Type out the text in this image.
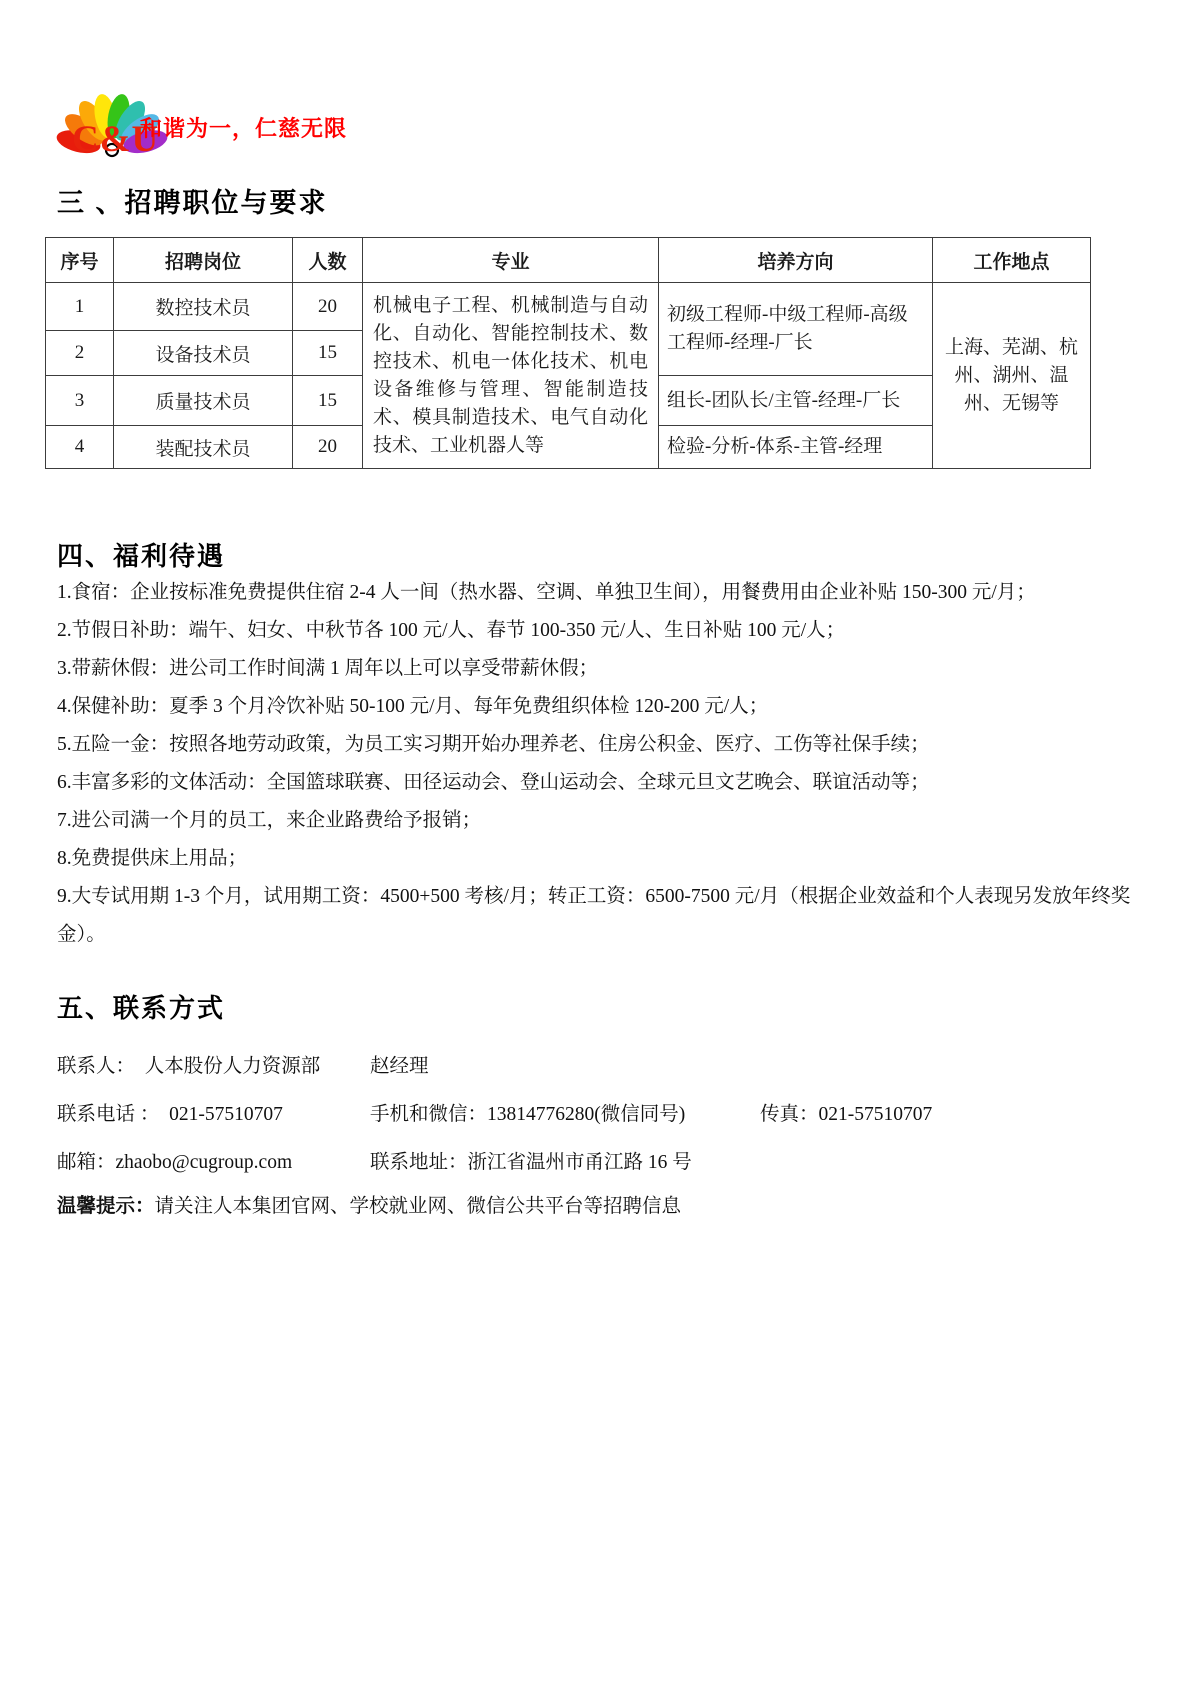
C&U
和谐为一，仁慈无限
三 、招聘职位与要求
序号	招聘岗位	人数	专业	培养方向	工作地点
1	数控技术员	20	机械电子工程、机械制造与自动化、自动化、智能控制技术、数控技术、机电一体化技术、机电设备维修与管理、智能制造技术、模具制造技术、电气自动化技术、工业机器人等	初级工程师-中级工程师-高级工程师-经理-厂长	上海、芜湖、杭州、湖州、温州、无锡等
2	设备技术员	15			
3	质量技术员	15		组长-团队长/主管-经理-厂长	
4	装配技术员	20		检验-分析-体系-主管-经理	
四、福利待遇

1.食宿：企业按标准免费提供住宿 2-4 人一间（热水器、空调、单独卫生间），用餐费用由企业补贴 150-300 元/月；

2.节假日补助：端午、妇女、中秋节各 100 元/人、春节 100-350 元/人、生日补贴 100 元/人；

3.带薪休假：进公司工作时间满 1 周年以上可以享受带薪休假；

4.保健补助：夏季 3 个月冷饮补贴 50-100 元/月、每年免费组织体检 120-200 元/人；

5.五险一金：按照各地劳动政策，为员工实习期开始办理养老、住房公积金、医疗、工伤等社保手续；

6.丰富多彩的文体活动：全国篮球联赛、田径运动会、登山运动会、全球元旦文艺晚会、联谊活动等；

7.进公司满一个月的员工，来企业路费给予报销；

8.免费提供床上用品；

9.大专试用期 1-3 个月，试用期工资：4500+500 考核/月；转正工资：6500-7500 元/月（根据企业效益和个人表现另发放年终奖金）。

五、联系方式
联系人：  人本股份人力资源部	赵经理
联系电话 ：  021-57510707	手机和微信：13814776280(微信同号)	传真：021-57510707
邮箱：zhaobo@cugroup.com	联系地址：浙江省温州市甬江路 16 号
温馨提示： 请关注人本集团官网、学校就业网、微信公共平台等招聘信息
